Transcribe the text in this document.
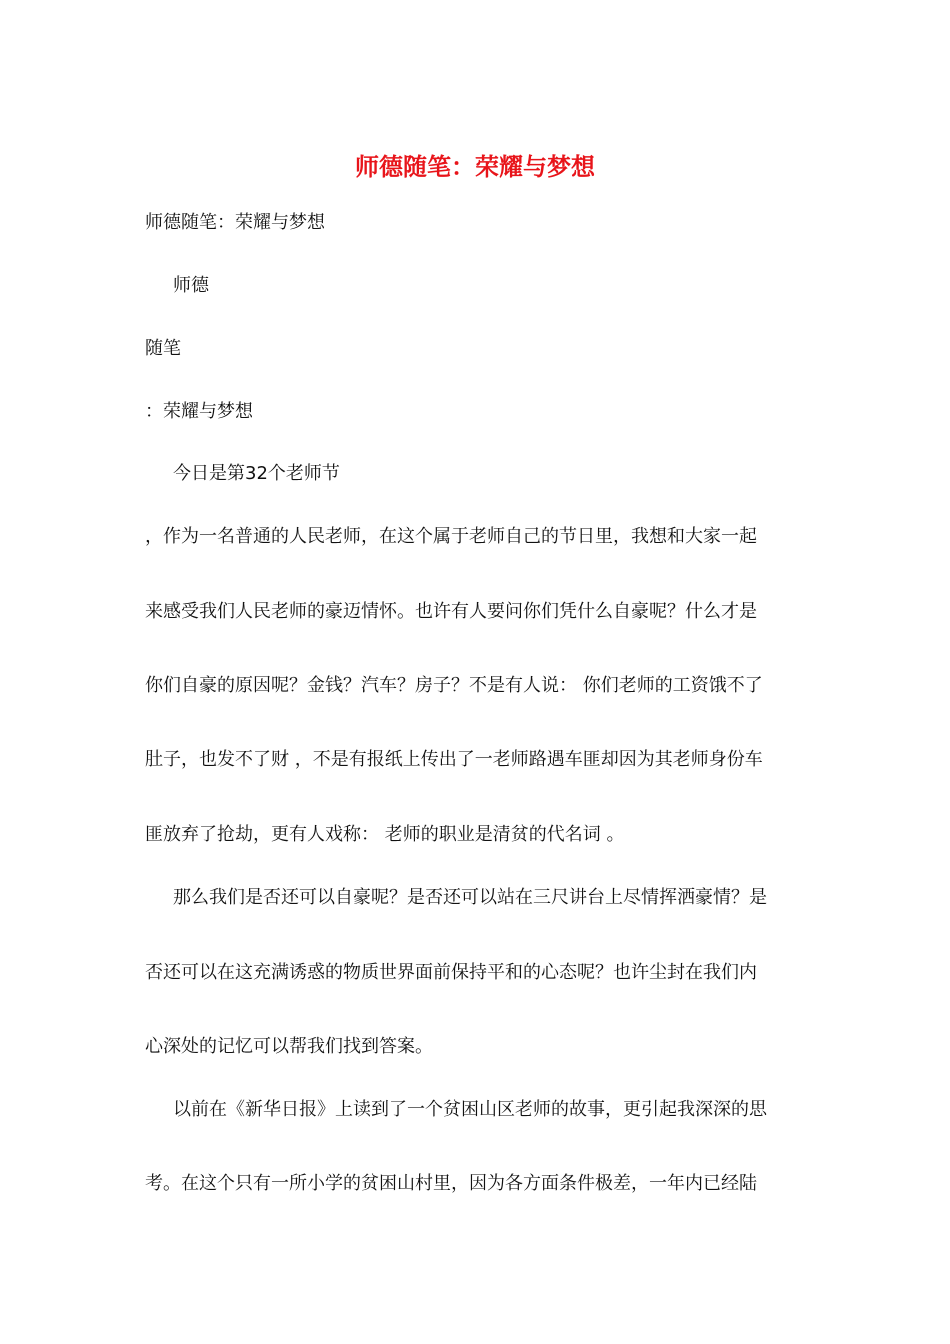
师德随笔：荣耀与梦想
师德随笔：荣耀与梦想
师德
随笔
：荣耀与梦想
今日是第32个老师节
，作为一名普通的人民老师，在这个属于老师自己的节日里，我想和大家一起
来感受我们人民老师的豪迈情怀。也许有人要问你们凭什么自豪呢？什么才是
你们自豪的原因呢？金钱？汽车？房子？不是有人说： 你们老师的工资饿不了
肚子，也发不了财 ，不是有报纸上传出了一老师路遇车匪却因为其老师身份车
匪放弃了抢劫，更有人戏称： 老师的职业是清贫的代名词 。
那么我们是否还可以自豪呢？是否还可以站在三尺讲台上尽情挥洒豪情？是
否还可以在这充满诱惑的物质世界面前保持平和的心态呢？也许尘封在我们内
心深处的记忆可以帮我们找到答案。
以前在《新华日报》上读到了一个贫困山区老师的故事，更引起我深深的思
考。在这个只有一所小学的贫困山村里，因为各方面条件极差，一年内已经陆
